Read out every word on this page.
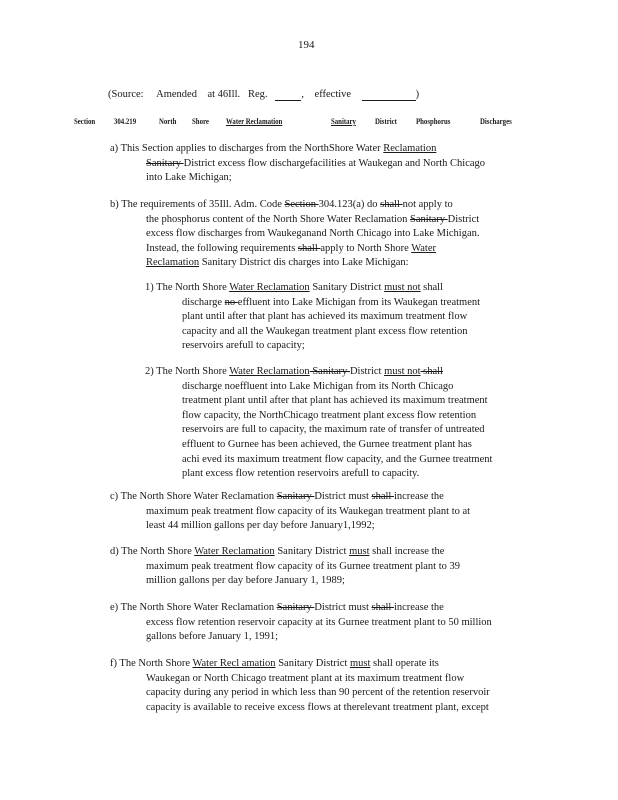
194
(Source: Amended at 46Ill. Reg.	, effective	)
Section 304.219	North Shore Water Reclamation	Sanitary District Phosphorus	Discharges
a) This Section applies to discharges from the NorthShore Water Reclamation
Sanitary District excess flow dischargefacilities at Waukegan and North Chicago
into Lake Michigan;
b) The requirements of 35Ill. Adm. Code Section 304.123(a) do shall not apply to
the phosphorus content of the North Shore Water Reclamation Sanitary District
excess flow discharges from Waukeganand North Chicago into Lake Michigan.
Instead, the following requirements shall apply to North Shore Water
Reclamation Sanitary District dis charges into Lake Michigan:
1) The North Shore Water Reclamation Sanitary District must not shall
discharge no effluent into Lake Michigan from its Waukegan treatment
plant until after that plant has achieved its maximum treatment flow
capacity and all the Waukegan treatment plant excess flow retention
reservoirs arefull to capacity;
2) The North Shore Water Reclamation Sanitary District must not shall
discharge noeffluent into Lake Michigan from its North Chicago
treatment plant until after that plant has achieved its maximum treatment
flow capacity, the NorthChicago treatment plant excess flow retention
reservoirs are full to capacity, the maximum rate of transfer of untreated
effluent to Gurnee has been achieved, the Gurnee treatment plant has
achi eved its maximum treatment flow capacity, and the Gurnee treatment
plant excess flow retention reservoirs arefull to capacity.
c) The North Shore Water Reclamation Sanitary District must shall increase the
maximum peak treatment flow capacity of its Waukegan treatment plant to at
least 44 million gallons per day before January1,1992;
d) The North Shore Water Reclamation Sanitary District must shall increase the
maximum peak treatment flow capacity of its Gurnee treatment plant to 39
million gallons per day before January 1, 1989;
e) The North Shore Water Reclamation Sanitary District must shall increase the
excess flow retention reservoir capacity at its Gurnee treatment plant to 50 million
gallons before January 1, 1991;
f) The North Shore Water Recl amation Sanitary District must shall operate its
Waukegan or North Chicago treatment plant at its maximum treatment flow
capacity during any period in which less than 90 percent of the retention reservoir
capacity is available to receive excess flows at therelevant treatment plant, except
